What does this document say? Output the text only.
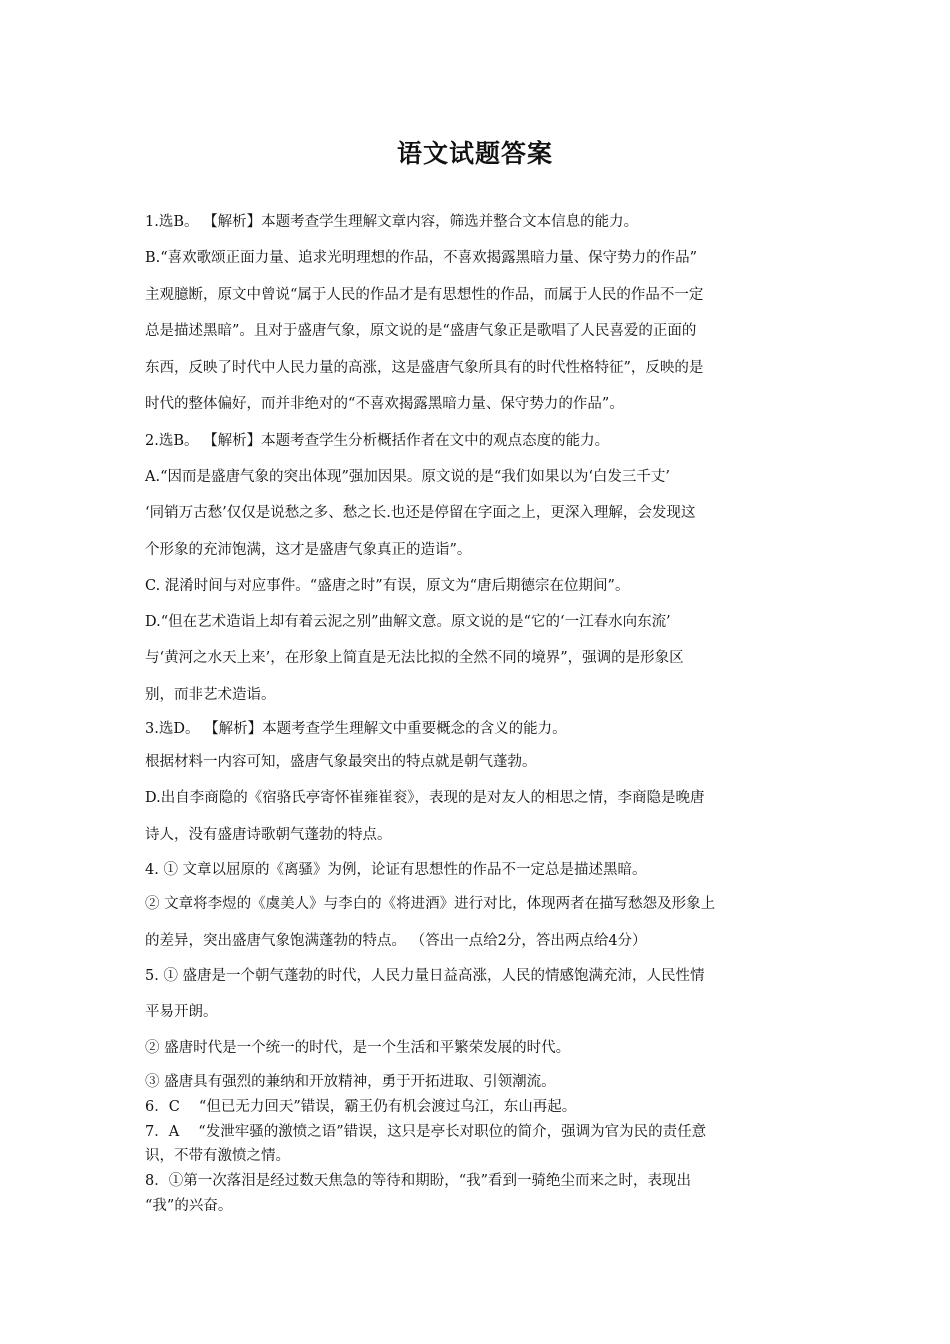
语文试题答案
1.选B。 【解析】本题考查学生理解文章内容，筛选并整合文本信息的能力。
B.“喜欢歌颂正面力量、追求光明理想的作品，不喜欢揭露黑暗力量、保守势力的作品”
主观臆断，原文中曾说“属于人民的作品才是有思想性的作品，而属于人民的作品不一定
总是描述黑暗”。且对于盛唐气象，原文说的是“盛唐气象正是歌唱了人民喜爱的正面的
东西，反映了时代中人民力量的高涨，这是盛唐气象所具有的时代性格特征”，反映的是
时代的整体偏好，而并非绝对的“不喜欢揭露黑暗力量、保守势力的作品”。
2.选B。 【解析】本题考查学生分析概括作者在文中的观点态度的能力。
A.“因而是盛唐气象的突出体现”强加因果。原文说的是“我们如果以为‘白发三千丈’
‘同销万古愁’仅仅是说愁之多、愁之长.也还是停留在字面之上，更深入理解，会发现这
个形象的充沛饱满，这才是盛唐气象真正的造诣”。
C. 混淆时间与对应事件。“盛唐之时”有误，原文为“唐后期德宗在位期间”。
D.“但在艺术造诣上却有着云泥之别”曲解文意。原文说的是“它的‘一江春水向东流’
与‘黄河之水天上来’，在形象上简直是无法比拟的全然不同的境界”，强调的是形象区
别，而非艺术造诣。
3.选D。 【解析】本题考查学生理解文中重要概念的含义的能力。
根据材料一内容可知，盛唐气象最突出的特点就是朝气蓬勃。
D.出自李商隐的《宿骆氏亭寄怀崔雍崔衮》，表现的是对友人的相思之情，李商隐是晚唐
诗人，没有盛唐诗歌朝气蓬勃的特点。
4. ① 文章以屈原的《离骚》为例，论证有思想性的作品不一定总是描述黑暗。
② 文章将李煜的《虞美人》与李白的《将进酒》进行对比，体现两者在描写愁怨及形象上
的差异，突出盛唐气象饱满蓬勃的特点。 （答出一点给2分，答出两点给4分）
5. ① 盛唐是一个朝气蓬勃的时代，人民力量日益高涨，人民的情感饱满充沛，人民性情
平易开朗。
② 盛唐时代是一个统一的时代，是一个生活和平繁荣发展的时代。
③ 盛唐具有强烈的兼纳和开放精神，勇于开拓进取、引领潮流。
6．C　 “但已无力回天”错误，霸王仍有机会渡过乌江，东山再起。
7．A　 “发泄牢骚的激愤之语”错误，这只是亭长对职位的简介，强调为官为民的责任意
识，不带有激愤之情。
8．①第一次落泪是经过数天焦急的等待和期盼，“我”看到一骑绝尘而来之时，表现出
“我”的兴奋。
